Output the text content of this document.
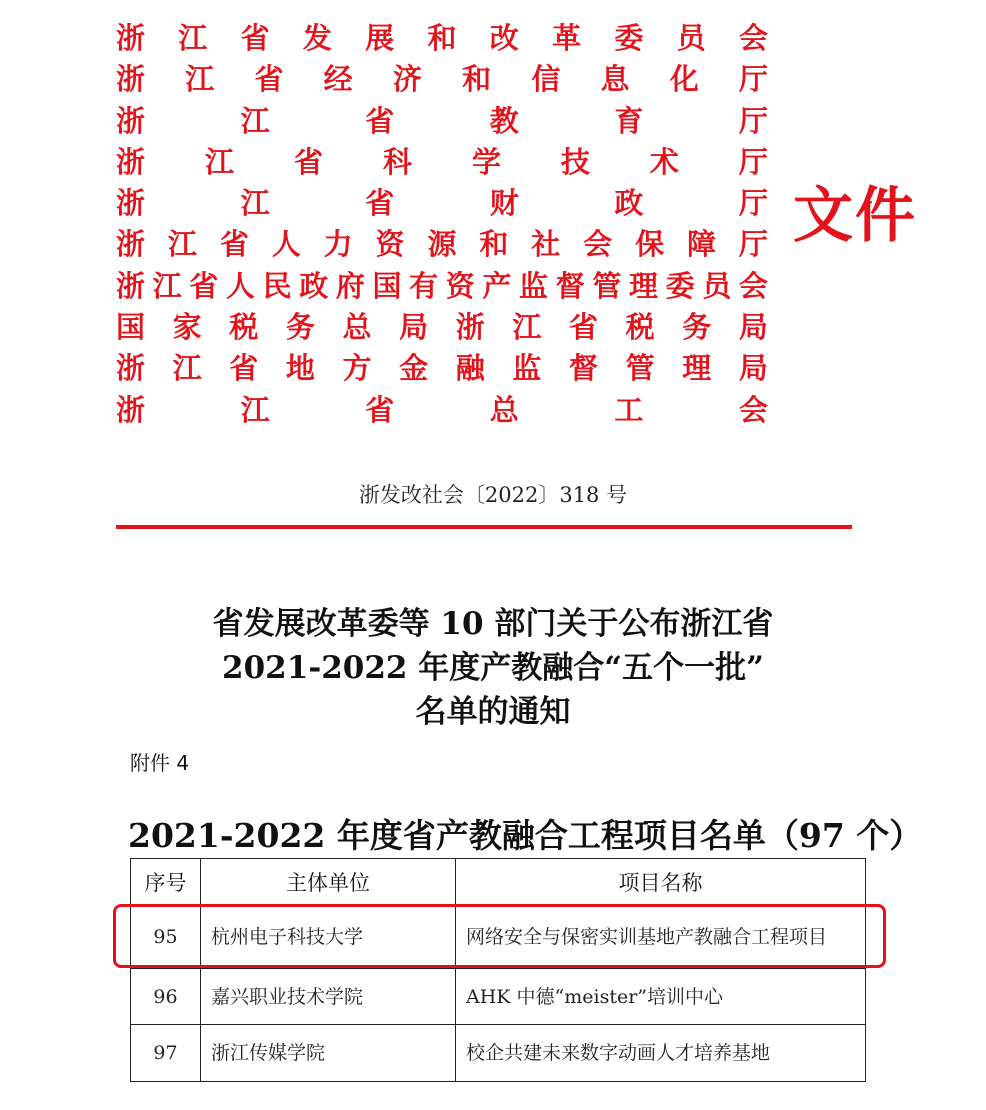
浙 江 省 发 展 和 改 革 委 员 会
浙 江 省 经 济 和 信 息 化 厅
浙	江	省	教	育	厅
浙 江 省 科 学 技 术 厅
浙	江	省	财	政	厅
浙 江 省 人 力 资 源 和 社 会 保 障 厅
浙 江 省 人 民 政 府 国 有 资 产 监 督 管 理 委 员 会
国 家 税 务 总 局 浙 江 省 税 务 局
浙 江 省 地 方 金 融 监 督 管 理 局
浙	江	省	总	工	会
文件
浙发改社会〔2022〕318 号
省发展改革委等 10 部门关于公布浙江省
2021-2022 年度产教融合“五个一批”
名单的通知
附件 4
2021-2022 年度省产教融合工程项目名单（97 个）
序号	主体单位	项目名称
95	杭州电子科技大学	网络安全与保密实训基地产教融合工程项目
96	嘉兴职业技术学院	AHK 中德“meister”培训中心
97	浙江传媒学院	校企共建未来数字动画人才培养基地
